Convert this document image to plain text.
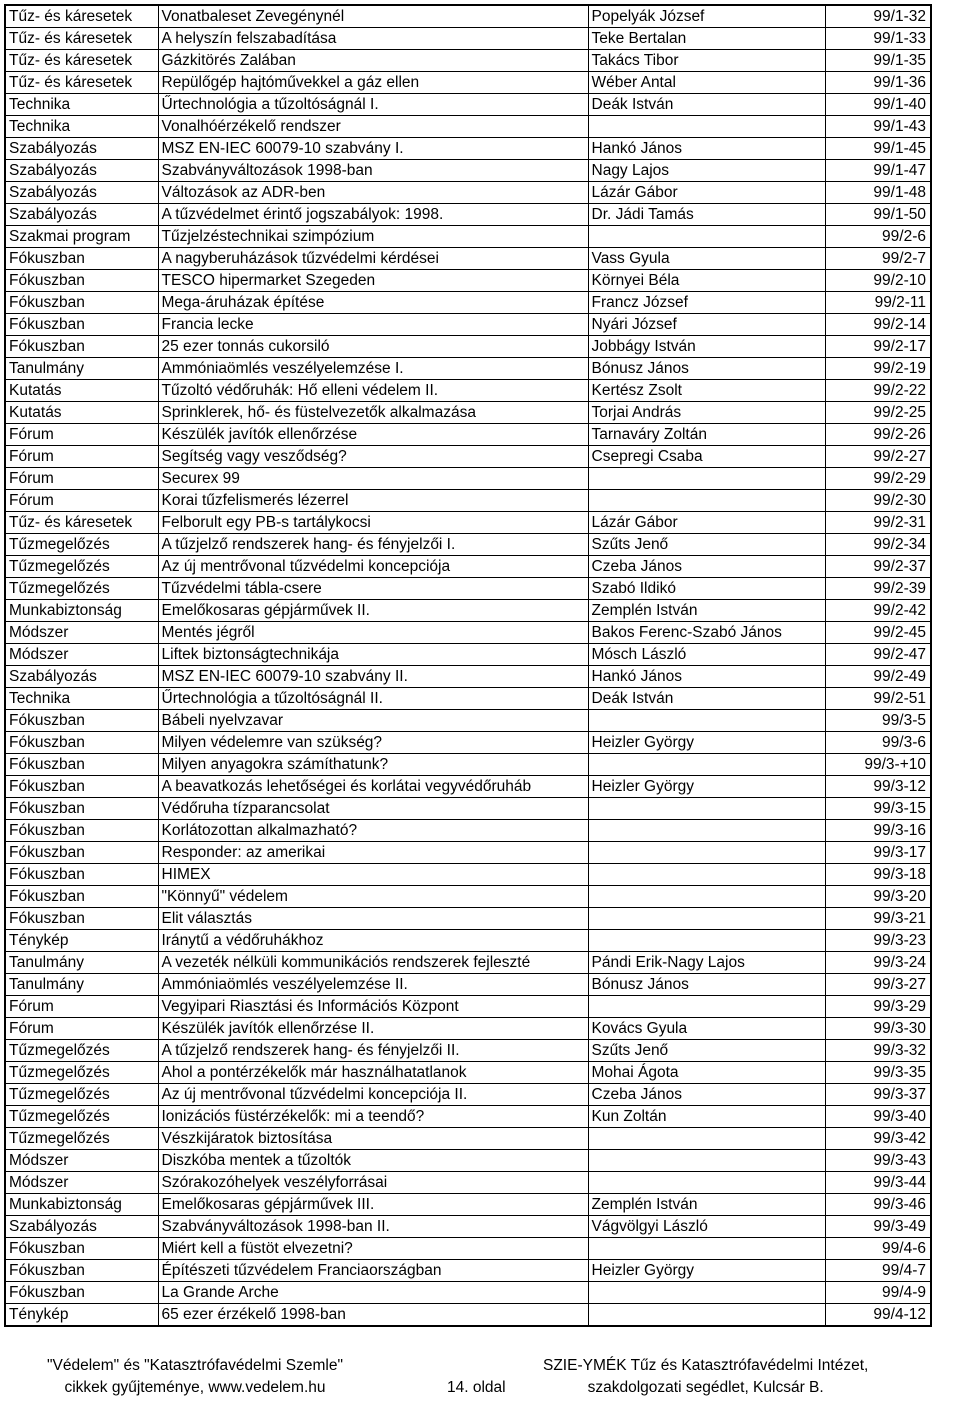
Tűz- és káresetek	Vonatbaleset Zevegénynél	Popelyák József	99/1-32
Tűz- és káresetek	A helyszín felszabadítása	Teke Bertalan	99/1-33
Tűz- és káresetek	Gázkitörés Zalában	Takács Tibor	99/1-35
Tűz- és káresetek	Repülőgép hajtóművekkel a gáz ellen	Wéber Antal	99/1-36
Technika	Űrtechnológia a tűzoltóságnál I.	Deák István	99/1-40
Technika	Vonalhóérzékelő rendszer		99/1-43
Szabályozás	MSZ EN-IEC 60079-10 szabvány I.	Hankó János	99/1-45
Szabályozás	Szabványváltozások 1998-ban	Nagy Lajos	99/1-47
Szabályozás	Változások az ADR-ben	Lázár Gábor	99/1-48
Szabályozás	A tűzvédelmet érintő jogszabályok: 1998.	Dr. Jádi Tamás	99/1-50
Szakmai program	Tűzjelzéstechnikai szimpózium		99/2-6
Fókuszban	A nagyberuházások tűzvédelmi kérdései	Vass Gyula	99/2-7
Fókuszban	TESCO hipermarket Szegeden	Környei Béla	99/2-10
Fókuszban	Mega-áruházak építése	Francz József	99/2-11
Fókuszban	Francia lecke	Nyári József	99/2-14
Fókuszban	25 ezer tonnás cukorsiló	Jobbágy István	99/2-17
Tanulmány	Ammóniaömlés veszélyelemzése I.	Bónusz János	99/2-19
Kutatás	Tűzoltó védőruhák: Hő elleni védelem II.	Kertész Zsolt	99/2-22
Kutatás	Sprinklerek, hő- és füstelvezetők alkalmazása	Torjai András	99/2-25
Fórum	Készülék javítók ellenőrzése	Tarnaváry Zoltán	99/2-26
Fórum	Segítség vagy vesződség?	Csepregi Csaba	99/2-27
Fórum	Securex 99		99/2-29
Fórum	Korai tűzfelismerés lézerrel		99/2-30
Tűz- és káresetek	Felborult egy PB-s tartálykocsi	Lázár Gábor	99/2-31
Tűzmegelőzés	A tűzjelző rendszerek hang- és fényjelzői I.	Szűts Jenő	99/2-34
Tűzmegelőzés	Az új mentrővonal tűzvédelmi koncepciója	Czeba János	99/2-37
Tűzmegelőzés	Tűzvédelmi tábla-csere	Szabó Ildikó	99/2-39
Munkabiztonság	Emelőkosaras gépjárművek II.	Zemplén István	99/2-42
Módszer	Mentés jégről	Bakos Ferenc-Szabó János	99/2-45
Módszer	Liftek biztonságtechnikája	Mósch László	99/2-47
Szabályozás	MSZ EN-IEC 60079-10 szabvány II.	Hankó János	99/2-49
Technika	Űrtechnológia a tűzoltóságnál II.	Deák István	99/2-51
Fókuszban	Bábeli nyelvzavar		99/3-5
Fókuszban	Milyen védelemre van szükség?	Heizler György	99/3-6
Fókuszban	Milyen anyagokra számíthatunk?		99/3-+10
Fókuszban	A beavatkozás lehetőségei és korlátai vegyvédőruháb	Heizler György	99/3-12
Fókuszban	Védőruha tízparancsolat		99/3-15
Fókuszban	Korlátozottan alkalmazható?		99/3-16
Fókuszban	Responder: az amerikai		99/3-17
Fókuszban	HIMEX		99/3-18
Fókuszban	"Könnyű" védelem		99/3-20
Fókuszban	Elit választás		99/3-21
Ténykép	Iránytű a védőruhákhoz		99/3-23
Tanulmány	A vezeték nélküli kommunikációs rendszerek fejleszté	Pándi Erik-Nagy Lajos	99/3-24
Tanulmány	Ammóniaömlés veszélyelemzése II.	Bónusz János	99/3-27
Fórum	Vegyipari Riasztási és Információs Központ		99/3-29
Fórum	Készülék javítók ellenőrzése II.	Kovács Gyula	99/3-30
Tűzmegelőzés	A tűzjelző rendszerek hang- és fényjelzői II.	Szűts Jenő	99/3-32
Tűzmegelőzés	Ahol a pontérzékelők már használhatatlanok	Mohai Ágota	99/3-35
Tűzmegelőzés	Az új mentrővonal tűzvédelmi koncepciója II.	Czeba János	99/3-37
Tűzmegelőzés	Ionizációs füstérzékelők: mi a teendő?	Kun Zoltán	99/3-40
Tűzmegelőzés	Vészkijáratok biztosítása		99/3-42
Módszer	Diszkóba mentek a tűzoltók		99/3-43
Módszer	Szórakozóhelyek veszélyforrásai		99/3-44
Munkabiztonság	Emelőkosaras gépjárművek III.	Zemplén István	99/3-46
Szabályozás	Szabványváltozások 1998-ban II.	Vágvölgyi László	99/3-49
Fókuszban	Miért kell a füstöt elvezetni?		99/4-6
Fókuszban	Építészeti tűzvédelem Franciaországban	Heizler György	99/4-7
Fókuszban	La Grande Arche		99/4-9
Ténykép	65 ezer érzékelő 1998-ban		99/4-12
"Védelem" és "Katasztrófavédelmi Szemle"
cikkek gyűjteménye, www.vedelem.hu	14. oldal
SZIE-YMÉK Tűz és Katasztrófavédelmi Intézet,
szakdolgozati segédlet, Kulcsár B.
